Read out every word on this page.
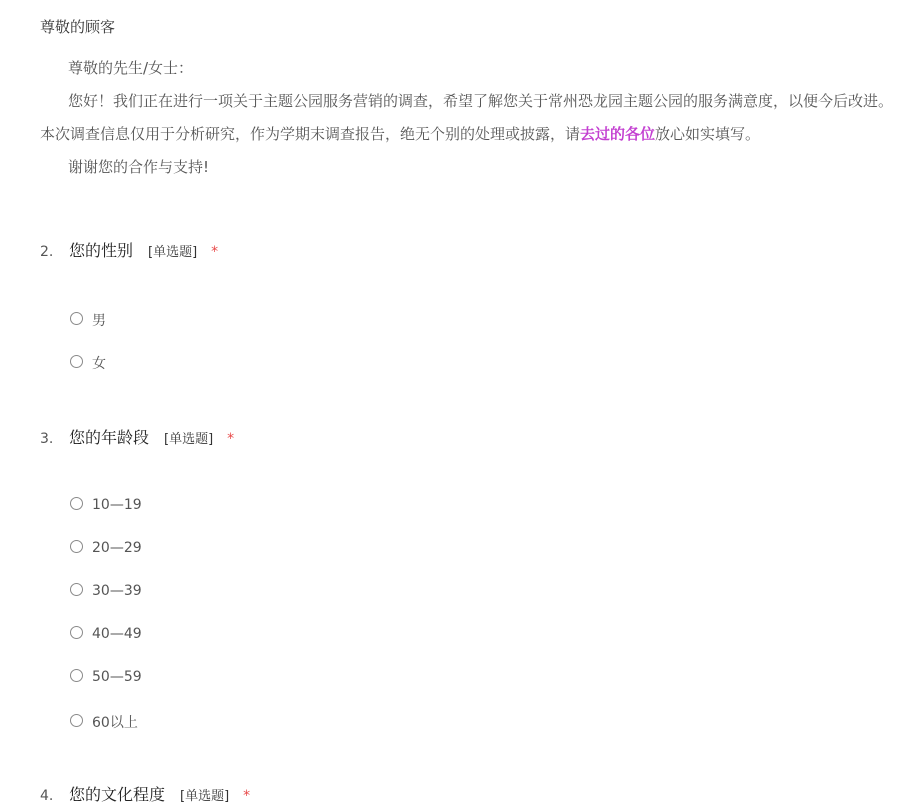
尊敬的顾客

尊敬的先生/女士：

您好！我们正在进行一项关于主题公园服务营销的调查，希望了解您关于常州恐龙园主题公园的服务满意度，以便今后改进。本次调查信息仅用于分析研究，作为学期末调查报告，绝无个别的处理或披露，请去过的各位放心如实填写。

谢谢您的合作与支持!

2. 您的性别 [单选题] *
男
女
3. 您的年龄段 [单选题] *
10—19
20—29
30—39
40—49
50—59
60以上
4. 您的文化程度 [单选题] *
